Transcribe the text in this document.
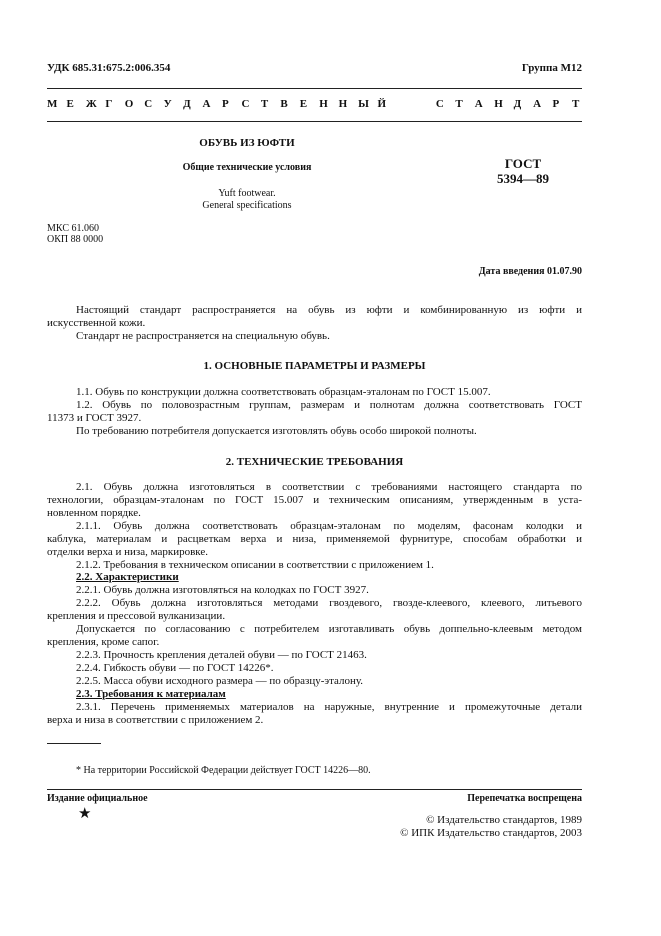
УДК 685.31:675.2:006.354	Группа М12
М Е Ж Г О С У Д А Р С Т В Е Н Н Ы Й	С Т А Н Д А Р Т
ОБУВЬ ИЗ ЮФТИ
Общие технические условия
Yuft footwear.
General specifications
ГОСТ
5394—89
МКС 61.060
ОКП 88 0000
Дата введения 01.07.90
Настоящий стандарт распространяется на обувь из юфти и комбинированную из юфти и
искусственной кожи.
Стандарт не распространяется на специальную обувь.
1. ОСНОВНЫЕ ПАРАМЕТРЫ И РАЗМЕРЫ
1.1. Обувь по конструкции должна соответствовать образцам-эталонам по ГОСТ 15.007.
1.2. Обувь по половозрастным группам, размерам и полнотам должна соответствовать ГОСТ
11373 и ГОСТ 3927.
По требованию потребителя допускается изготовлять обувь особо широкой полноты.
2. ТЕХНИЧЕСКИЕ ТРЕБОВАНИЯ
2.1. Обувь должна изготовляться в соответствии с требованиями настоящего стандарта по
технологии, образцам-эталонам по ГОСТ 15.007 и техническим описаниям, утвержденным в уста-
новленном порядке.
2.1.1. Обувь должна соответствовать образцам-эталонам по моделям, фасонам колодки и
каблука, материалам и расцветкам верха и низа, применяемой фурнитуре, способам обработки и
отделки верха и низа, маркировке.
2.1.2. Требования в техническом описании в соответствии с приложением 1.
2.2. Характеристики
2.2.1. Обувь должна изготовляться на колодках по ГОСТ 3927.
2.2.2. Обувь должна изготовляться методами гвоздевого, гвоздe-клеевого, клеевого, литьевого
крепления и прессовой вулканизации.
Допускается по согласованию с потребителем изготавливать обувь доппельно-клеевым методом
крепления, кроме сапог.
2.2.3. Прочность крепления деталей обуви — по ГОСТ 21463.
2.2.4. Гибкость обуви — по ГОСТ 14226*.
2.2.5. Масса обуви исходного размера — по образцу-эталону.
2.3. Требования к материалам
2.3.1. Перечень применяемых материалов на наружные, внутренние и промежуточные детали
верха и низа в соответствии с приложением 2.
* На территории Российской Федерации действует ГОСТ 14226—80.
Издание официальное	Перепечатка воспрещена
★	© Издательство стандартов, 1989
© ИПК Издательство стандартов, 2003
